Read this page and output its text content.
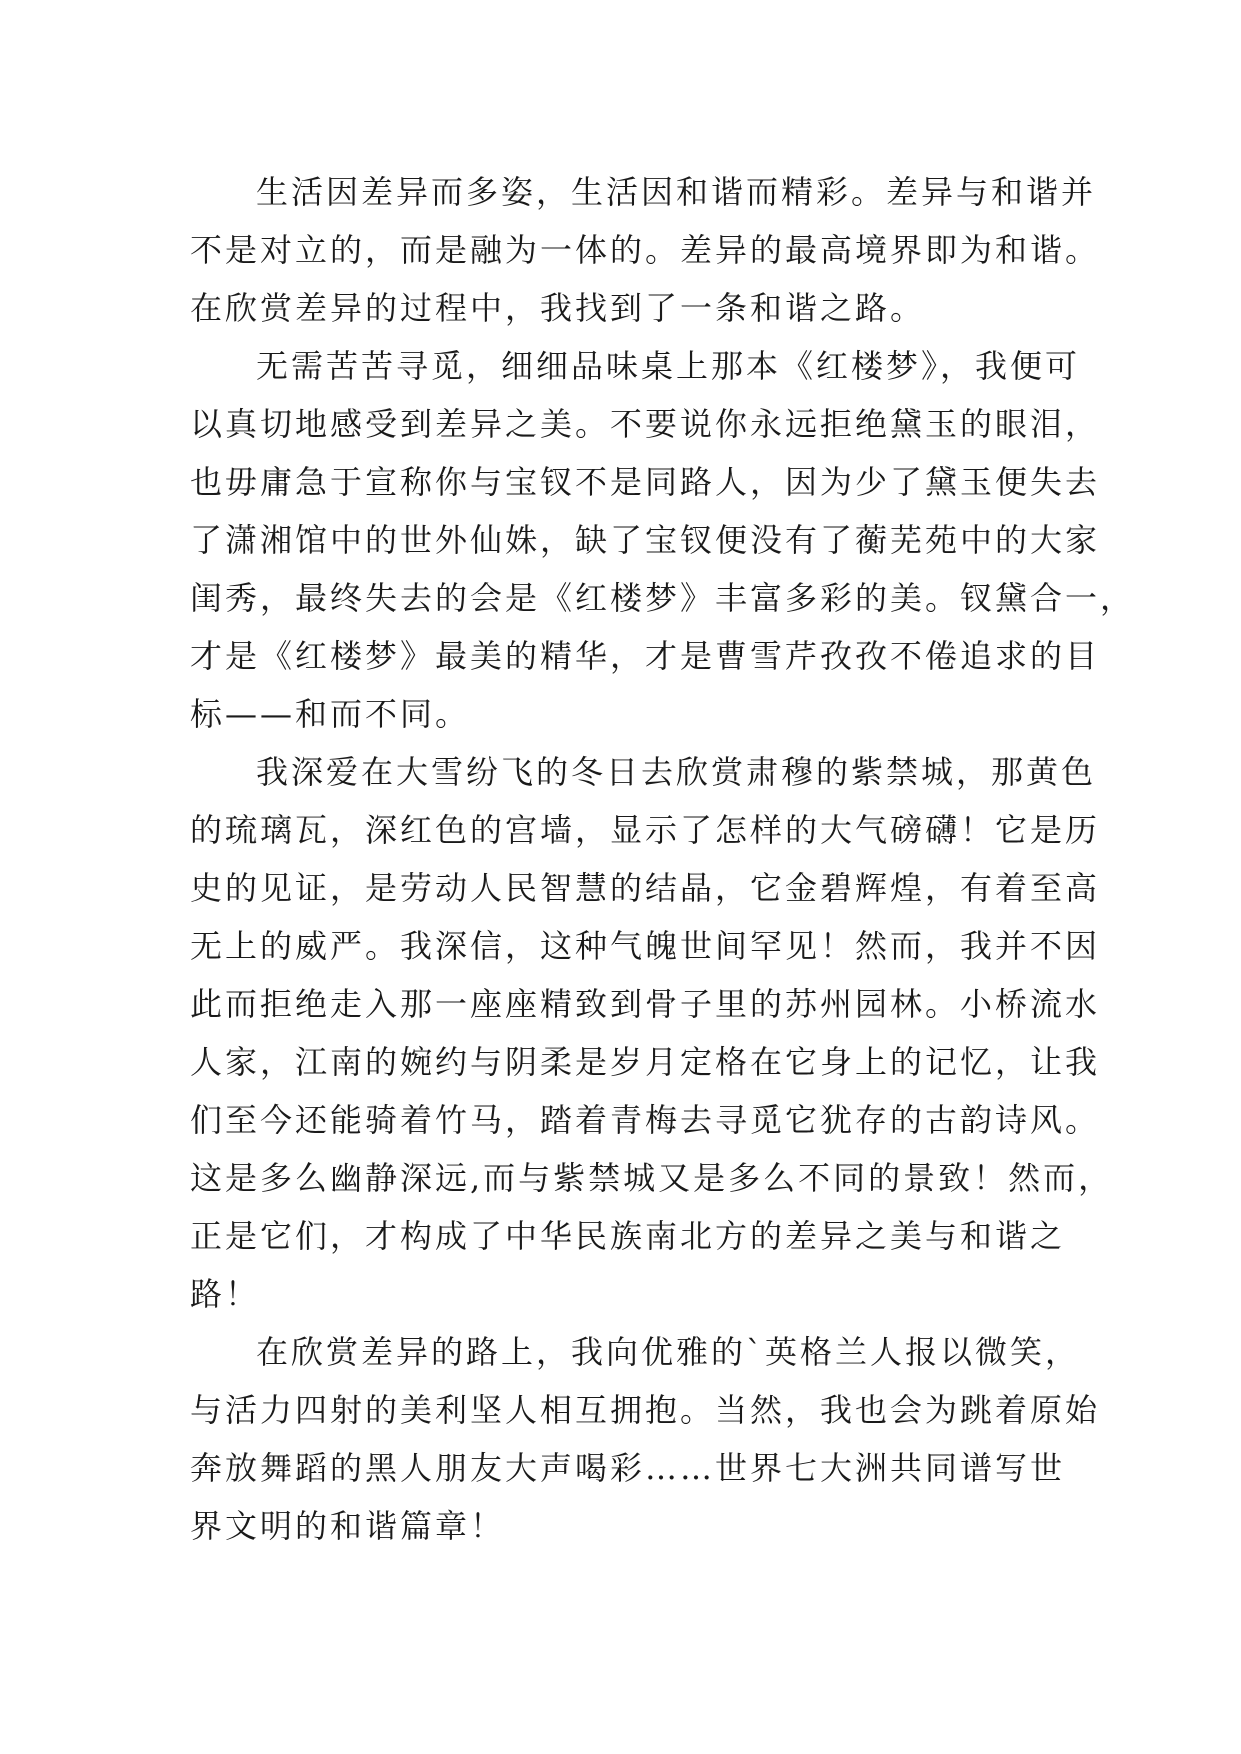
生活因差异而多姿，生活因和谐而精彩。差异与和谐并
不是对立的，而是融为一体的。差异的最高境界即为和谐。
在欣赏差异的过程中，我找到了一条和谐之路。
无需苦苦寻觅，细细品味桌上那本《红楼梦》，我便可
以真切地感受到差异之美。不要说你永远拒绝黛玉的眼泪，
也毋庸急于宣称你与宝钗不是同路人，因为少了黛玉便失去
了潇湘馆中的世外仙姝，缺了宝钗便没有了蘅芜苑中的大家
闺秀，最终失去的会是《红楼梦》丰富多彩的美。钗黛合一，
才是《红楼梦》最美的精华，才是曹雪芹孜孜不倦追求的目
标——和而不同。
我深爱在大雪纷飞的冬日去欣赏肃穆的紫禁城，那黄色
的琉璃瓦，深红色的宫墙，显示了怎样的大气磅礴！它是历
史的见证，是劳动人民智慧的结晶，它金碧辉煌，有着至高
无上的威严。我深信，这种气魄世间罕见！然而，我并不因
此而拒绝走入那一座座精致到骨子里的苏州园林。小桥流水
人家，江南的婉约与阴柔是岁月定格在它身上的记忆，让我
们至今还能骑着竹马，踏着青梅去寻觅它犹存的古韵诗风。
这是多么幽静深远,而与紫禁城又是多么不同的景致！然而，
正是它们，才构成了中华民族南北方的差异之美与和谐之
路！
在欣赏差异的路上，我向优雅的`英格兰人报以微笑，
与活力四射的美利坚人相互拥抱。当然，我也会为跳着原始
奔放舞蹈的黑人朋友大声喝彩……世界七大洲共同谱写世
界文明的和谐篇章！
